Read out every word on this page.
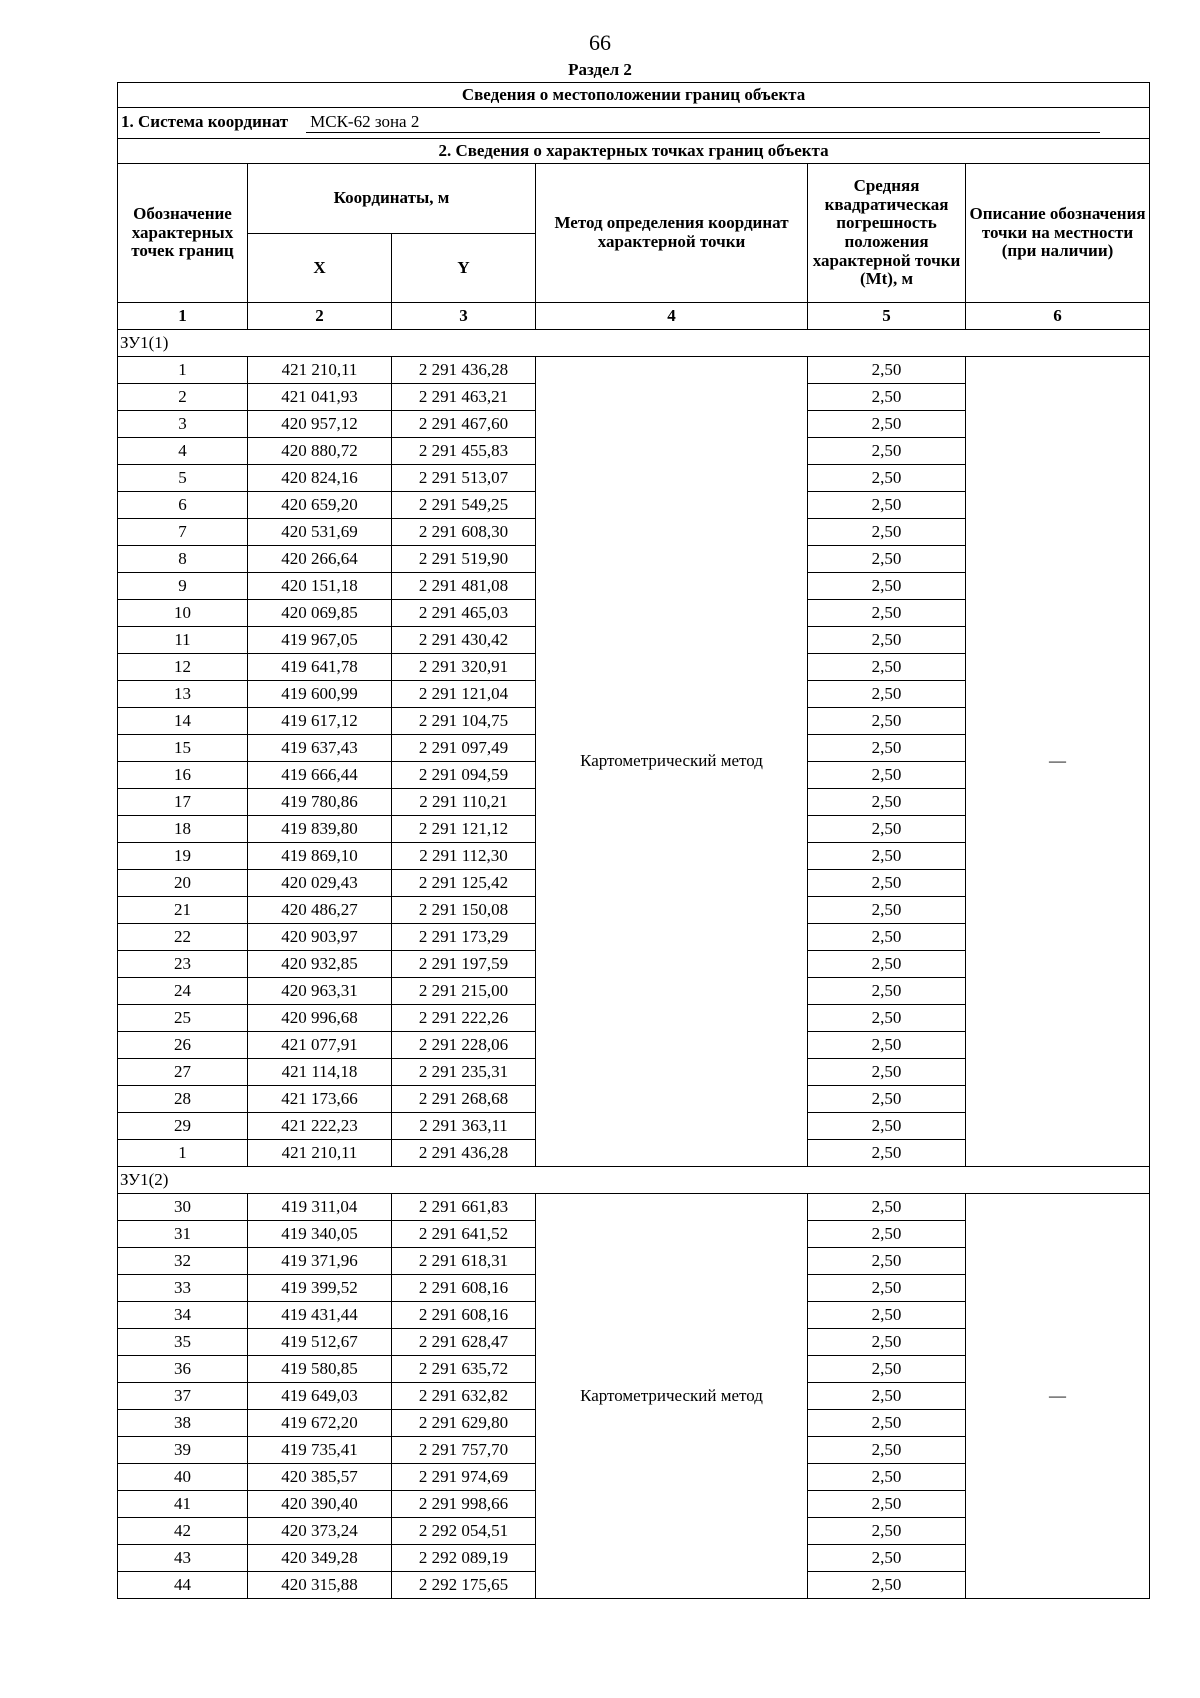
66
Раздел 2
Сведения о местоположении границ объекта					
1. Система координат МСК-62 зона 2					
2. Сведения о характерных точках границ объекта					
Обозначение характерных точек границ	Координаты, м		Метод определения координат характерной точки	Средняя квадратическая погрешность положения характерной точки (Mt), м	Описание обозначения точки на местности (при наличии)
	X	Y			
1	2	3	4	5	6
ЗУ1(1)					
1	421 210,11	2 291 436,28	Картометрический метод	2,50	—
2	421 041,93	2 291 463,21		2,50	
3	420 957,12	2 291 467,60		2,50	
4	420 880,72	2 291 455,83		2,50	
5	420 824,16	2 291 513,07		2,50	
6	420 659,20	2 291 549,25		2,50	
7	420 531,69	2 291 608,30		2,50	
8	420 266,64	2 291 519,90		2,50	
9	420 151,18	2 291 481,08		2,50	
10	420 069,85	2 291 465,03		2,50	
11	419 967,05	2 291 430,42		2,50	
12	419 641,78	2 291 320,91		2,50	
13	419 600,99	2 291 121,04		2,50	
14	419 617,12	2 291 104,75		2,50	
15	419 637,43	2 291 097,49		2,50	
16	419 666,44	2 291 094,59		2,50	
17	419 780,86	2 291 110,21		2,50	
18	419 839,80	2 291 121,12		2,50	
19	419 869,10	2 291 112,30		2,50	
20	420 029,43	2 291 125,42		2,50	
21	420 486,27	2 291 150,08		2,50	
22	420 903,97	2 291 173,29		2,50	
23	420 932,85	2 291 197,59		2,50	
24	420 963,31	2 291 215,00		2,50	
25	420 996,68	2 291 222,26		2,50	
26	421 077,91	2 291 228,06		2,50	
27	421 114,18	2 291 235,31		2,50	
28	421 173,66	2 291 268,68		2,50	
29	421 222,23	2 291 363,11		2,50	
1	421 210,11	2 291 436,28		2,50	
ЗУ1(2)					
30	419 311,04	2 291 661,83	Картометрический метод	2,50	—
31	419 340,05	2 291 641,52		2,50	
32	419 371,96	2 291 618,31		2,50	
33	419 399,52	2 291 608,16		2,50	
34	419 431,44	2 291 608,16		2,50	
35	419 512,67	2 291 628,47		2,50	
36	419 580,85	2 291 635,72		2,50	
37	419 649,03	2 291 632,82		2,50	
38	419 672,20	2 291 629,80		2,50	
39	419 735,41	2 291 757,70		2,50	
40	420 385,57	2 291 974,69		2,50	
41	420 390,40	2 291 998,66		2,50	
42	420 373,24	2 292 054,51		2,50	
43	420 349,28	2 292 089,19		2,50	
44	420 315,88	2 292 175,65		2,50	
